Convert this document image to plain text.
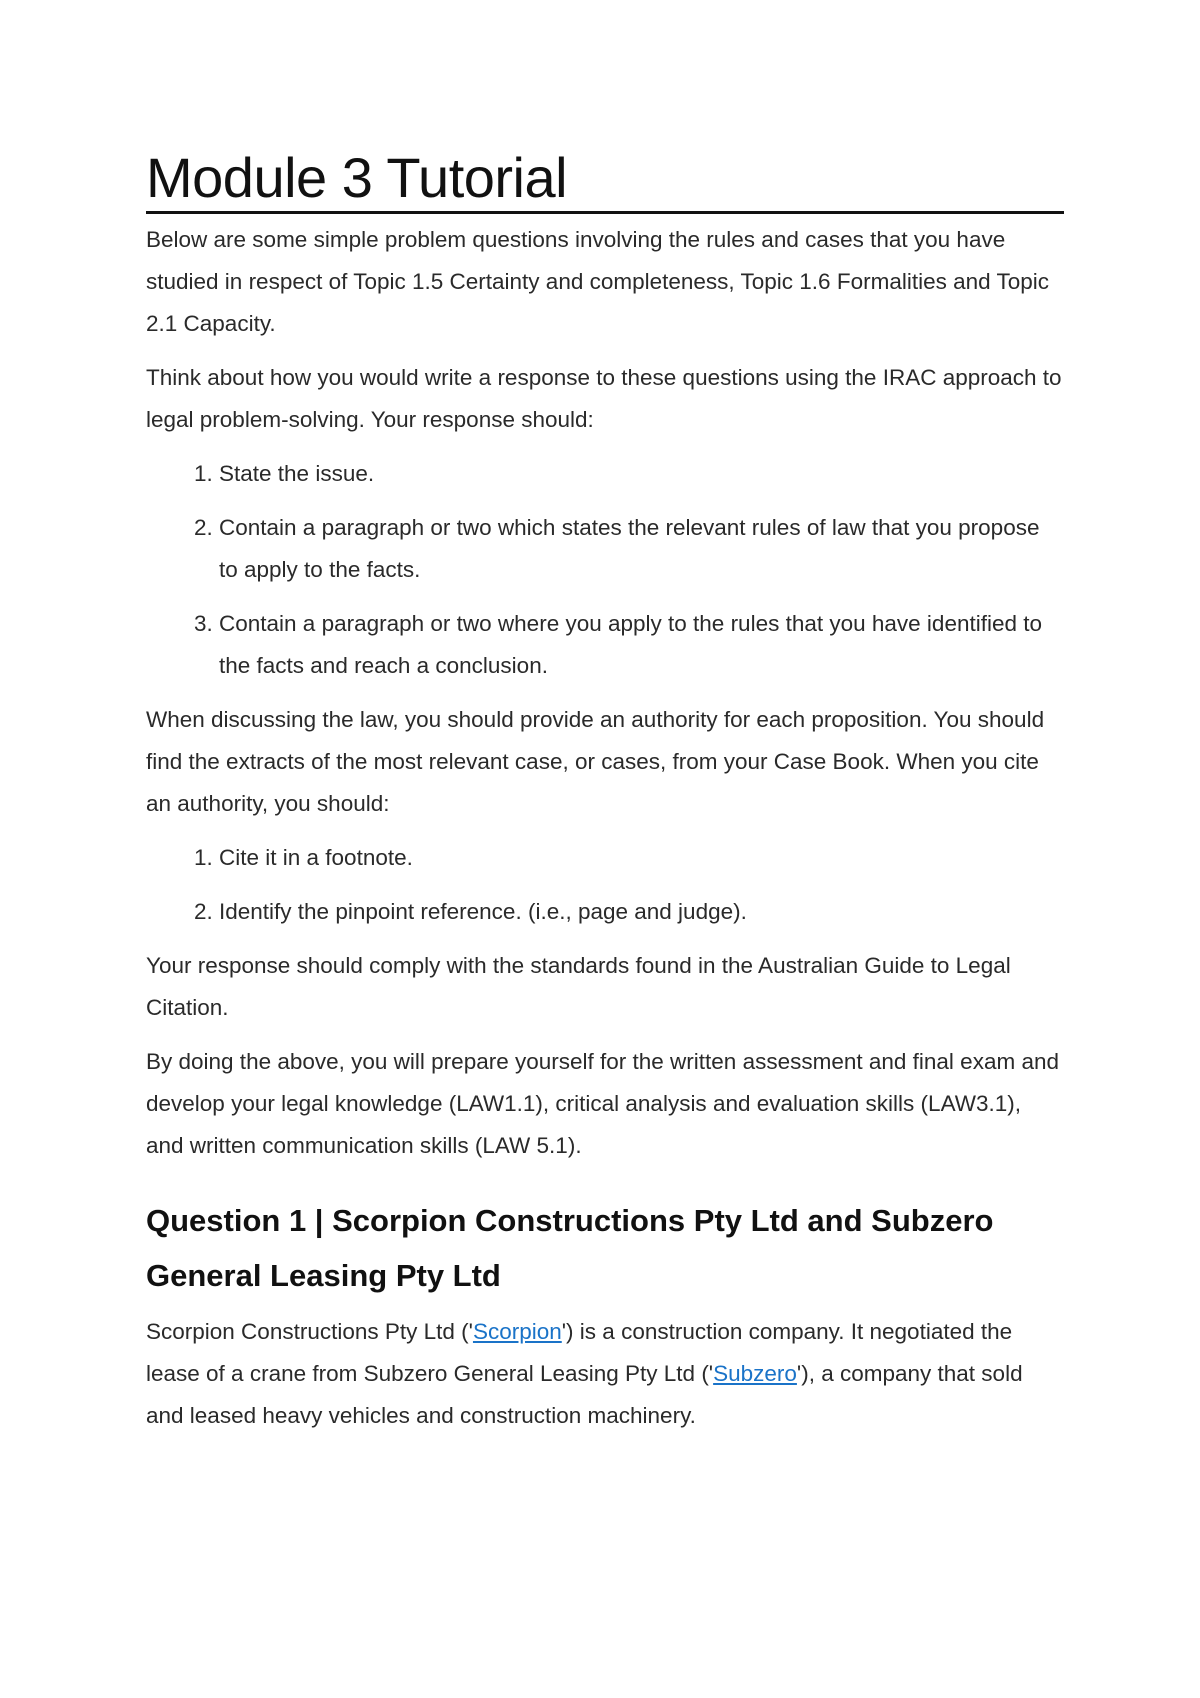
Module 3 Tutorial

Below are some simple problem questions involving the rules and cases that you have studied in respect of Topic 1.5 Certainty and completeness, Topic 1.6 Formalities and Topic 2.1 Capacity.

Think about how you would write a response to these questions using the IRAC approach to legal problem-solving. Your response should:

1. State the issue.
2. Contain a paragraph or two which states the relevant rules of law that you propose to apply to the facts.
3. Contain a paragraph or two where you apply to the rules that you have identified to the facts and reach a conclusion.

When discussing the law, you should provide an authority for each proposition. You should find the extracts of the most relevant case, or cases, from your Case Book. When you cite an authority, you should:

1. Cite it in a footnote.
2. Identify the pinpoint reference. (i.e., page and judge).

Your response should comply with the standards found in the Australian Guide to Legal Citation.

By doing the above, you will prepare yourself for the written assessment and final exam and develop your legal knowledge (LAW1.1), critical analysis and evaluation skills (LAW3.1), and written communication skills (LAW 5.1).

Question 1 | Scorpion Constructions Pty Ltd and Subzero General Leasing Pty Ltd

Scorpion Constructions Pty Ltd ('Scorpion') is a construction company. It negotiated the lease of a crane from Subzero General Leasing Pty Ltd ('Subzero'), a company that sold and leased heavy vehicles and construction machinery.
